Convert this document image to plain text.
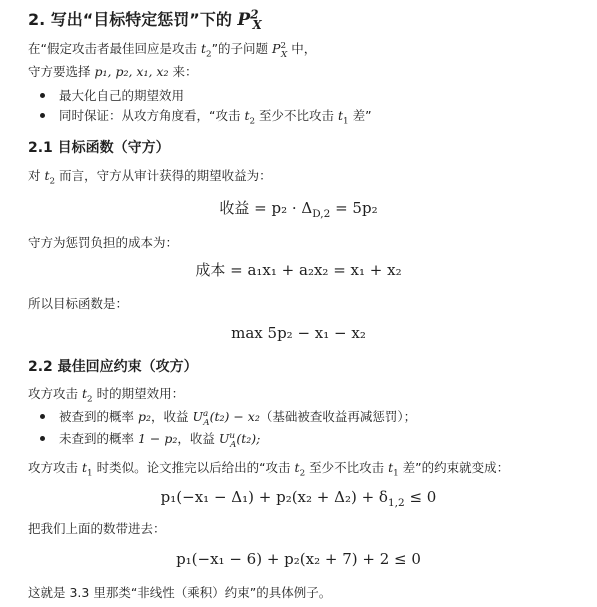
2. 写出“目标特定惩罚”下的 $P^2_X$
在“假定攻击者最佳回应是攻击 $t_2$”的子问题 $P^2_X$ 中，
守方要选择 p₁, p₂, x₁, x₂ 来：
最大化自己的期望效用
同时保证：从攻方角度看，“攻击 $t_2$ 至少不比攻击 $t_1$ 差”
2.1 目标函数（守方）
对 $t_2$ 而言，守方从审计获得的期望收益为：
收益 = $p_2 \cdot \Delta_{D,2} = 5p_2$
守方为惩罚负担的成本为：
成本 = a₁x₁ + a₂x₂ = x₁ + x₂
所以目标函数是：
max 5p₂ − x₁ − x₂
2.2 最佳回应约束（攻方）
攻方攻击 $t_2$ 时的期望效用：
被查到的概率 p₂，收益 $U^a_A(t_2) - x_2$（基础被查收益再减惩罚）；
未查到的概率 1 − p₂，收益 $U^u_A(t_2)$;
攻方攻击 $t_1$ 时类似。论文推完以后给出的“攻击 $t_2$ 至少不比攻击 $t_1$ 差”的约束就变成：
$p_1(-x_1 - \Delta_1) + p_2(x_2 + \Delta_2) + \delta_{1,2} \le 0$
把我们上面的数带进去：
p₁(−x₁ − 6) + p₂(x₂ + 7) + 2 ≤ 0
这就是 3.3 里那类“非线性（乘积）约束”的具体例子。
